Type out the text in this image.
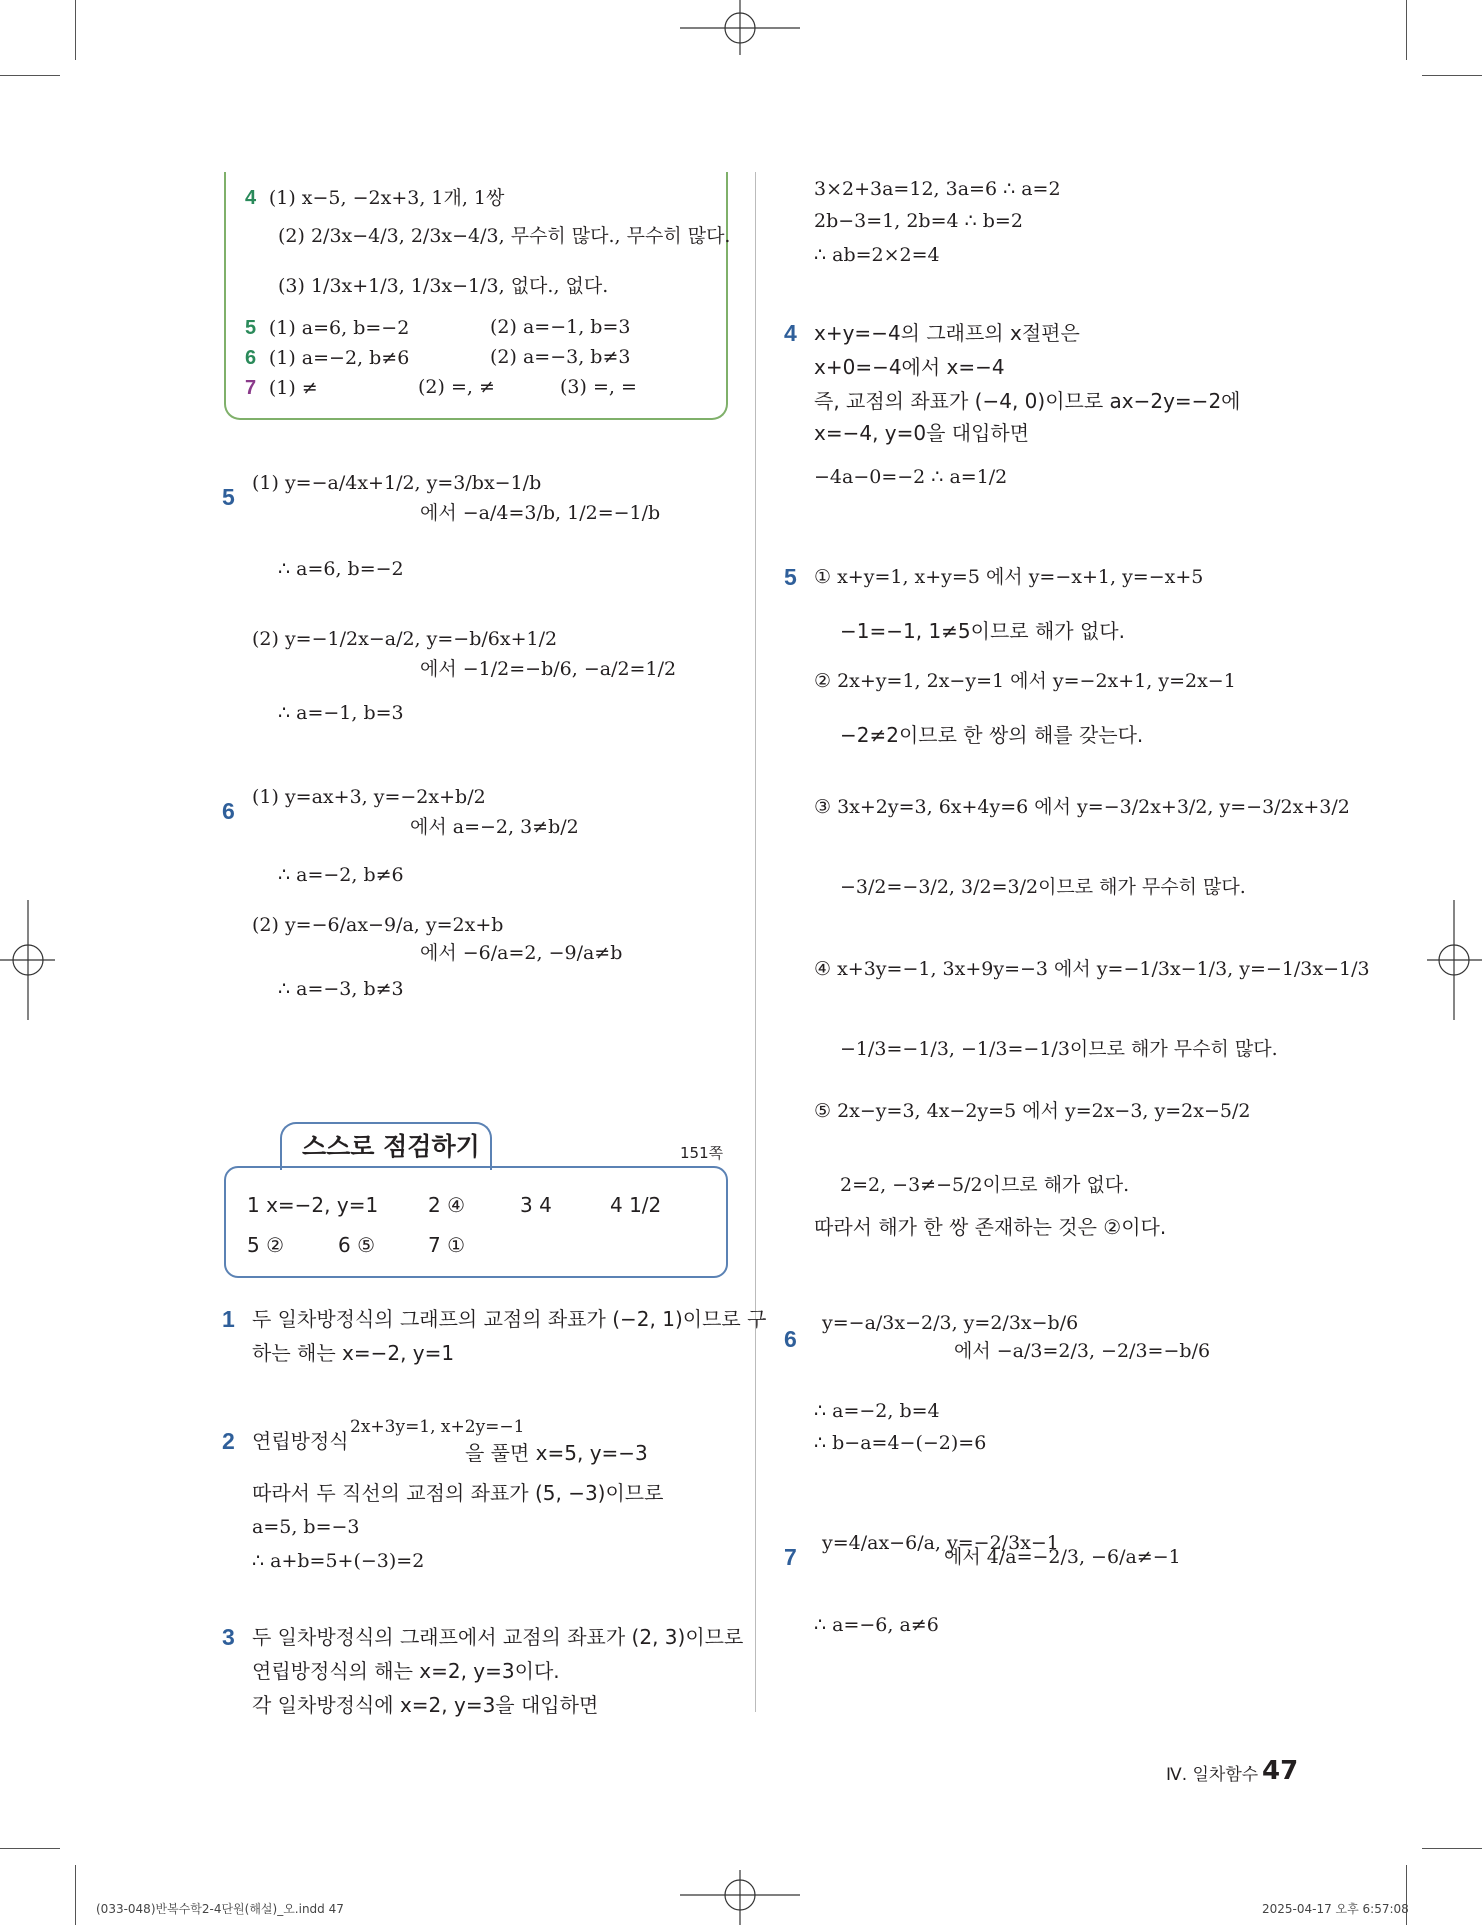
4 (1) x−5, −2x+3, 1개, 1쌍
(2) 2/3x−4/3, 2/3x−4/3, 무수히 많다., 무수히 많다.
(3) 1/3x+1/3, 1/3x−1/3, 없다., 없다.
5 (1) a=6, b=−2	(2) a=−1, b=3
6 (1) a=−2, b≠6	(2) a=−3, b≠3
7 (1) ≠	(2) =, ≠	(3) =, =
5
(1) y=−a/4x+1/2, y=3/bx−1/b
에서 −a/4=3/b, 1/2=−1/b
∴ a=6, b=−2
(2) y=−1/2x−a/2, y=−b/6x+1/2
에서 −1/2=−b/6, −a/2=1/2
∴ a=−1, b=3
6
(1) y=ax+3, y=−2x+b/2
에서 a=−2, 3≠b/2
∴ a=−2, b≠6
(2) y=−6/ax−9/a, y=2x+b
에서 −6/a=2, −9/a≠b
∴ a=−3, b≠3
스스로 점검하기	151쪽
1 x=−2, y=1 2 ④	3 4	4 1/2
5 ②	6 ⑤	7 ①
1 두 일차방정식의 그래프의 교점의 좌표가 (−2, 1)이므로 구
하는 해는 x=−2, y=1
2 연립방정식
2x+3y=1, x+2y=−1
을 풀면 x=5, y=−3
따라서 두 직선의 교점의 좌표가 (5, −3)이므로
a=5, b=−3
∴ a+b=5+(−3)=2
3 두 일차방정식의 그래프에서 교점의 좌표가 (2, 3)이므로
연립방정식의 해는 x=2, y=3이다.
각 일차방정식에 x=2, y=3을 대입하면
3×2+3a=12, 3a=6 ∴ a=2
2b−3=1, 2b=4 ∴ b=2
∴ ab=2×2=4
4 x+y=−4의 그래프의 x절편은
x+0=−4에서 x=−4
즉, 교점의 좌표가 (−4, 0)이므로 ax−2y=−2에
x=−4, y=0을 대입하면
−4a−0=−2 ∴ a=1/2
5 ① x+y=1, x+y=5 에서 y=−x+1, y=−x+5
−1=−1, 1≠5이므로 해가 없다.
② 2x+y=1, 2x−y=1 에서 y=−2x+1, y=2x−1
−2≠2이므로 한 쌍의 해를 갖는다.
③ 3x+2y=3, 6x+4y=6 에서 y=−3/2x+3/2, y=−3/2x+3/2
−3/2=−3/2, 3/2=3/2이므로 해가 무수히 많다.
④ x+3y=−1, 3x+9y=−3 에서 y=−1/3x−1/3, y=−1/3x−1/3
−1/3=−1/3, −1/3=−1/3이므로 해가 무수히 많다.
⑤ 2x−y=3, 4x−2y=5 에서 y=2x−3, y=2x−5/2
2=2, −3≠−5/2이므로 해가 없다.
따라서 해가 한 쌍 존재하는 것은 ②이다.
6
y=−a/3x−2/3, y=2/3x−b/6
에서 −a/3=2/3, −2/3=−b/6
∴ a=−2, b=4
∴ b−a=4−(−2)=6
7
y=4/ax−6/a, y=−2/3x−1
에서 4/a=−2/3, −6/a≠−1
∴ a=−6, a≠6
Ⅳ. 일차함수 47
(033-048)반복수학2-4단원(해설)_오.indd 47	2025-04-17 오후 6:57:08
